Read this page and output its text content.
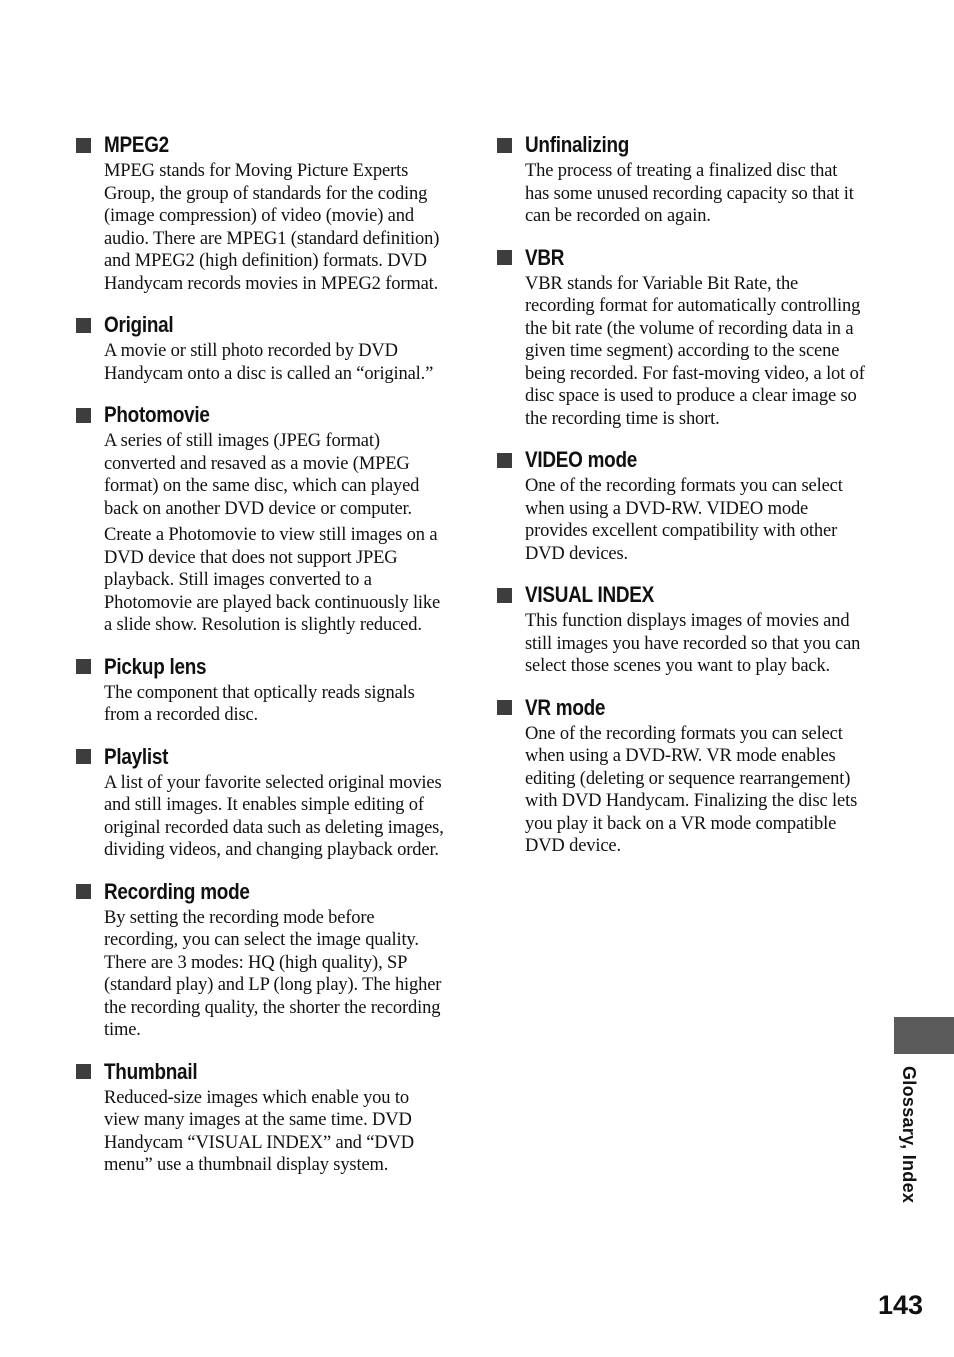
MPEG2

MPEG stands for Moving Picture Experts Group, the group of standards for the coding (image compression) of video (movie) and audio. There are MPEG1 (standard definition) and MPEG2 (high definition) formats. DVD Handycam records movies in MPEG2 format.

Original

A movie or still photo recorded by DVD Handycam onto a disc is called an “original.”

Photomovie

A series of still images (JPEG format) converted and resaved as a movie (MPEG format) on the same disc, which can played back on another DVD device or computer.

Create a Photomovie to view still images on a DVD device that does not support JPEG playback. Still images converted to a Photomovie are played back continuously like a slide show. Resolution is slightly reduced.

Pickup lens

The component that optically reads signals from a recorded disc.

Playlist

A list of your favorite selected original movies and still images. It enables simple editing of original recorded data such as deleting images, dividing videos, and changing playback order.

Recording mode

By setting the recording mode before recording, you can select the image quality. There are 3 modes: HQ (high quality), SP (standard play) and LP (long play). The higher the recording quality, the shorter the recording time.

Thumbnail

Reduced-size images which enable you to view many images at the same time. DVD Handycam “VISUAL INDEX” and “DVD menu” use a thumbnail display system.

Unfinalizing

The process of treating a finalized disc that has some unused recording capacity so that it can be recorded on again.

VBR

VBR stands for Variable Bit Rate, the recording format for automatically controlling the bit rate (the volume of recording data in a given time segment) according to the scene being recorded. For fast-moving video, a lot of disc space is used to produce a clear image so the recording time is short.

VIDEO mode

One of the recording formats you can select when using a DVD-RW. VIDEO mode provides excellent compatibility with other DVD devices.

VISUAL INDEX

This function displays images of movies and still images you have recorded so that you can select those scenes you want to play back.

VR mode

One of the recording formats you can select when using a DVD-RW. VR mode enables editing (deleting or sequence rearrangement) with DVD Handycam. Finalizing the disc lets you play it back on a VR mode compatible DVD device.

Glossary, Index
143
